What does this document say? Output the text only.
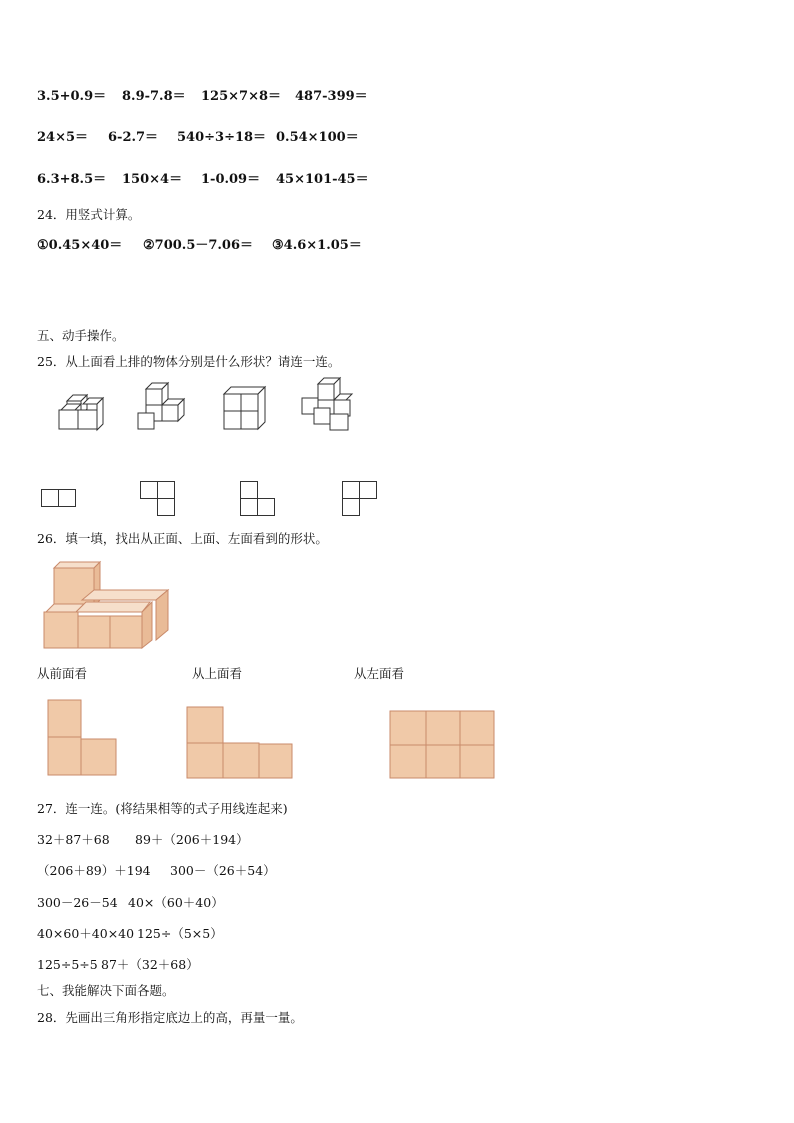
3.5+0.9＝ 8.9-7.8＝ 125×7×8＝ 487-399＝
24×5＝ 6-2.7＝ 540÷3÷18＝ 0.54×100＝
6.3+8.5＝ 150×4＝ 1-0.09＝ 45×101-45＝
24．用竖式计算。
①0.45×40＝ ②700.5－7.06＝ ③4.6×1.05＝
五、动手操作。
25．从上面看上排的物体分别是什么形状？请连一连。
26．填一填，找出从正面、上面、左面看到的形状。
从前面看	从上面看	从左面看
27．连一连。(将结果相等的式子用线连起来)
32＋87＋68 89＋（206＋194）
（206＋89）＋194 300－（26＋54）
300－26－54 40×（60＋40）
40×60＋40×40 125÷（5×5）
125÷5÷5 87＋（32＋68）
七、我能解决下面各题。
28．先画出三角形指定底边上的高，再量一量。
